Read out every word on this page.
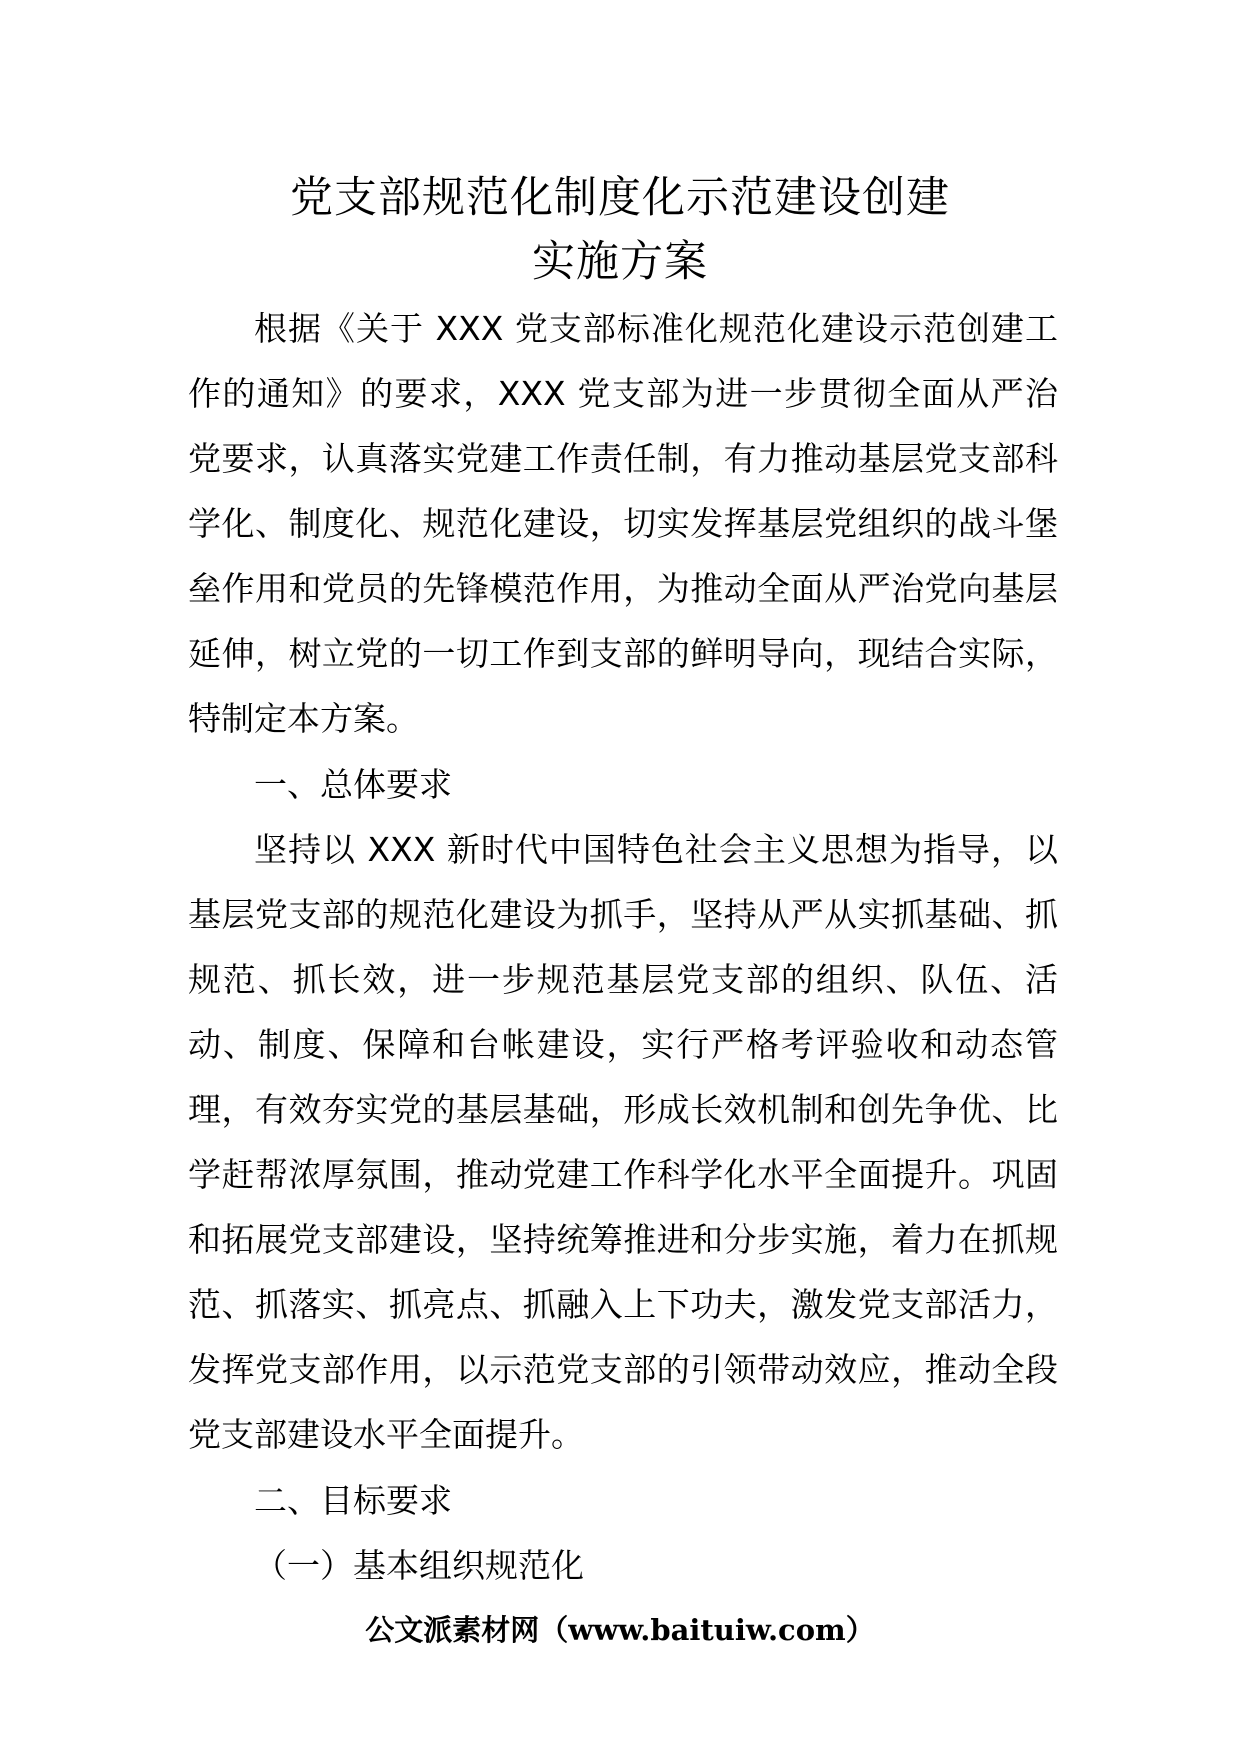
党支部规范化制度化示范建设创建
实施方案

根据《关于 XXX 党支部标准化规范化建设示范创建工作的通知》的要求，XXX 党支部为进一步贯彻全面从严治党要求，认真落实党建工作责任制，有力推动基层党支部科学化、制度化、规范化建设，切实发挥基层党组织的战斗堡垒作用和党员的先锋模范作用，为推动全面从严治党向基层延伸，树立党的一切工作到支部的鲜明导向，现结合实际，特制定本方案。

一、总体要求

坚持以 XXX 新时代中国特色社会主义思想为指导，以基层党支部的规范化建设为抓手，坚持从严从实抓基础、抓规范、抓长效，进一步规范基层党支部的组织、队伍、活动、制度、保障和台帐建设，实行严格考评验收和动态管理，有效夯实党的基层基础，形成长效机制和创先争优、比学赶帮浓厚氛围，推动党建工作科学化水平全面提升。巩固和拓展党支部建设，坚持统筹推进和分步实施，着力在抓规范、抓落实、抓亮点、抓融入上下功夫，激发党支部活力，发挥党支部作用，以示范党支部的引领带动效应，推动全段党支部建设水平全面提升。

二、目标要求

（一）基本组织规范化

公文派素材网（www.baituiw.com）
